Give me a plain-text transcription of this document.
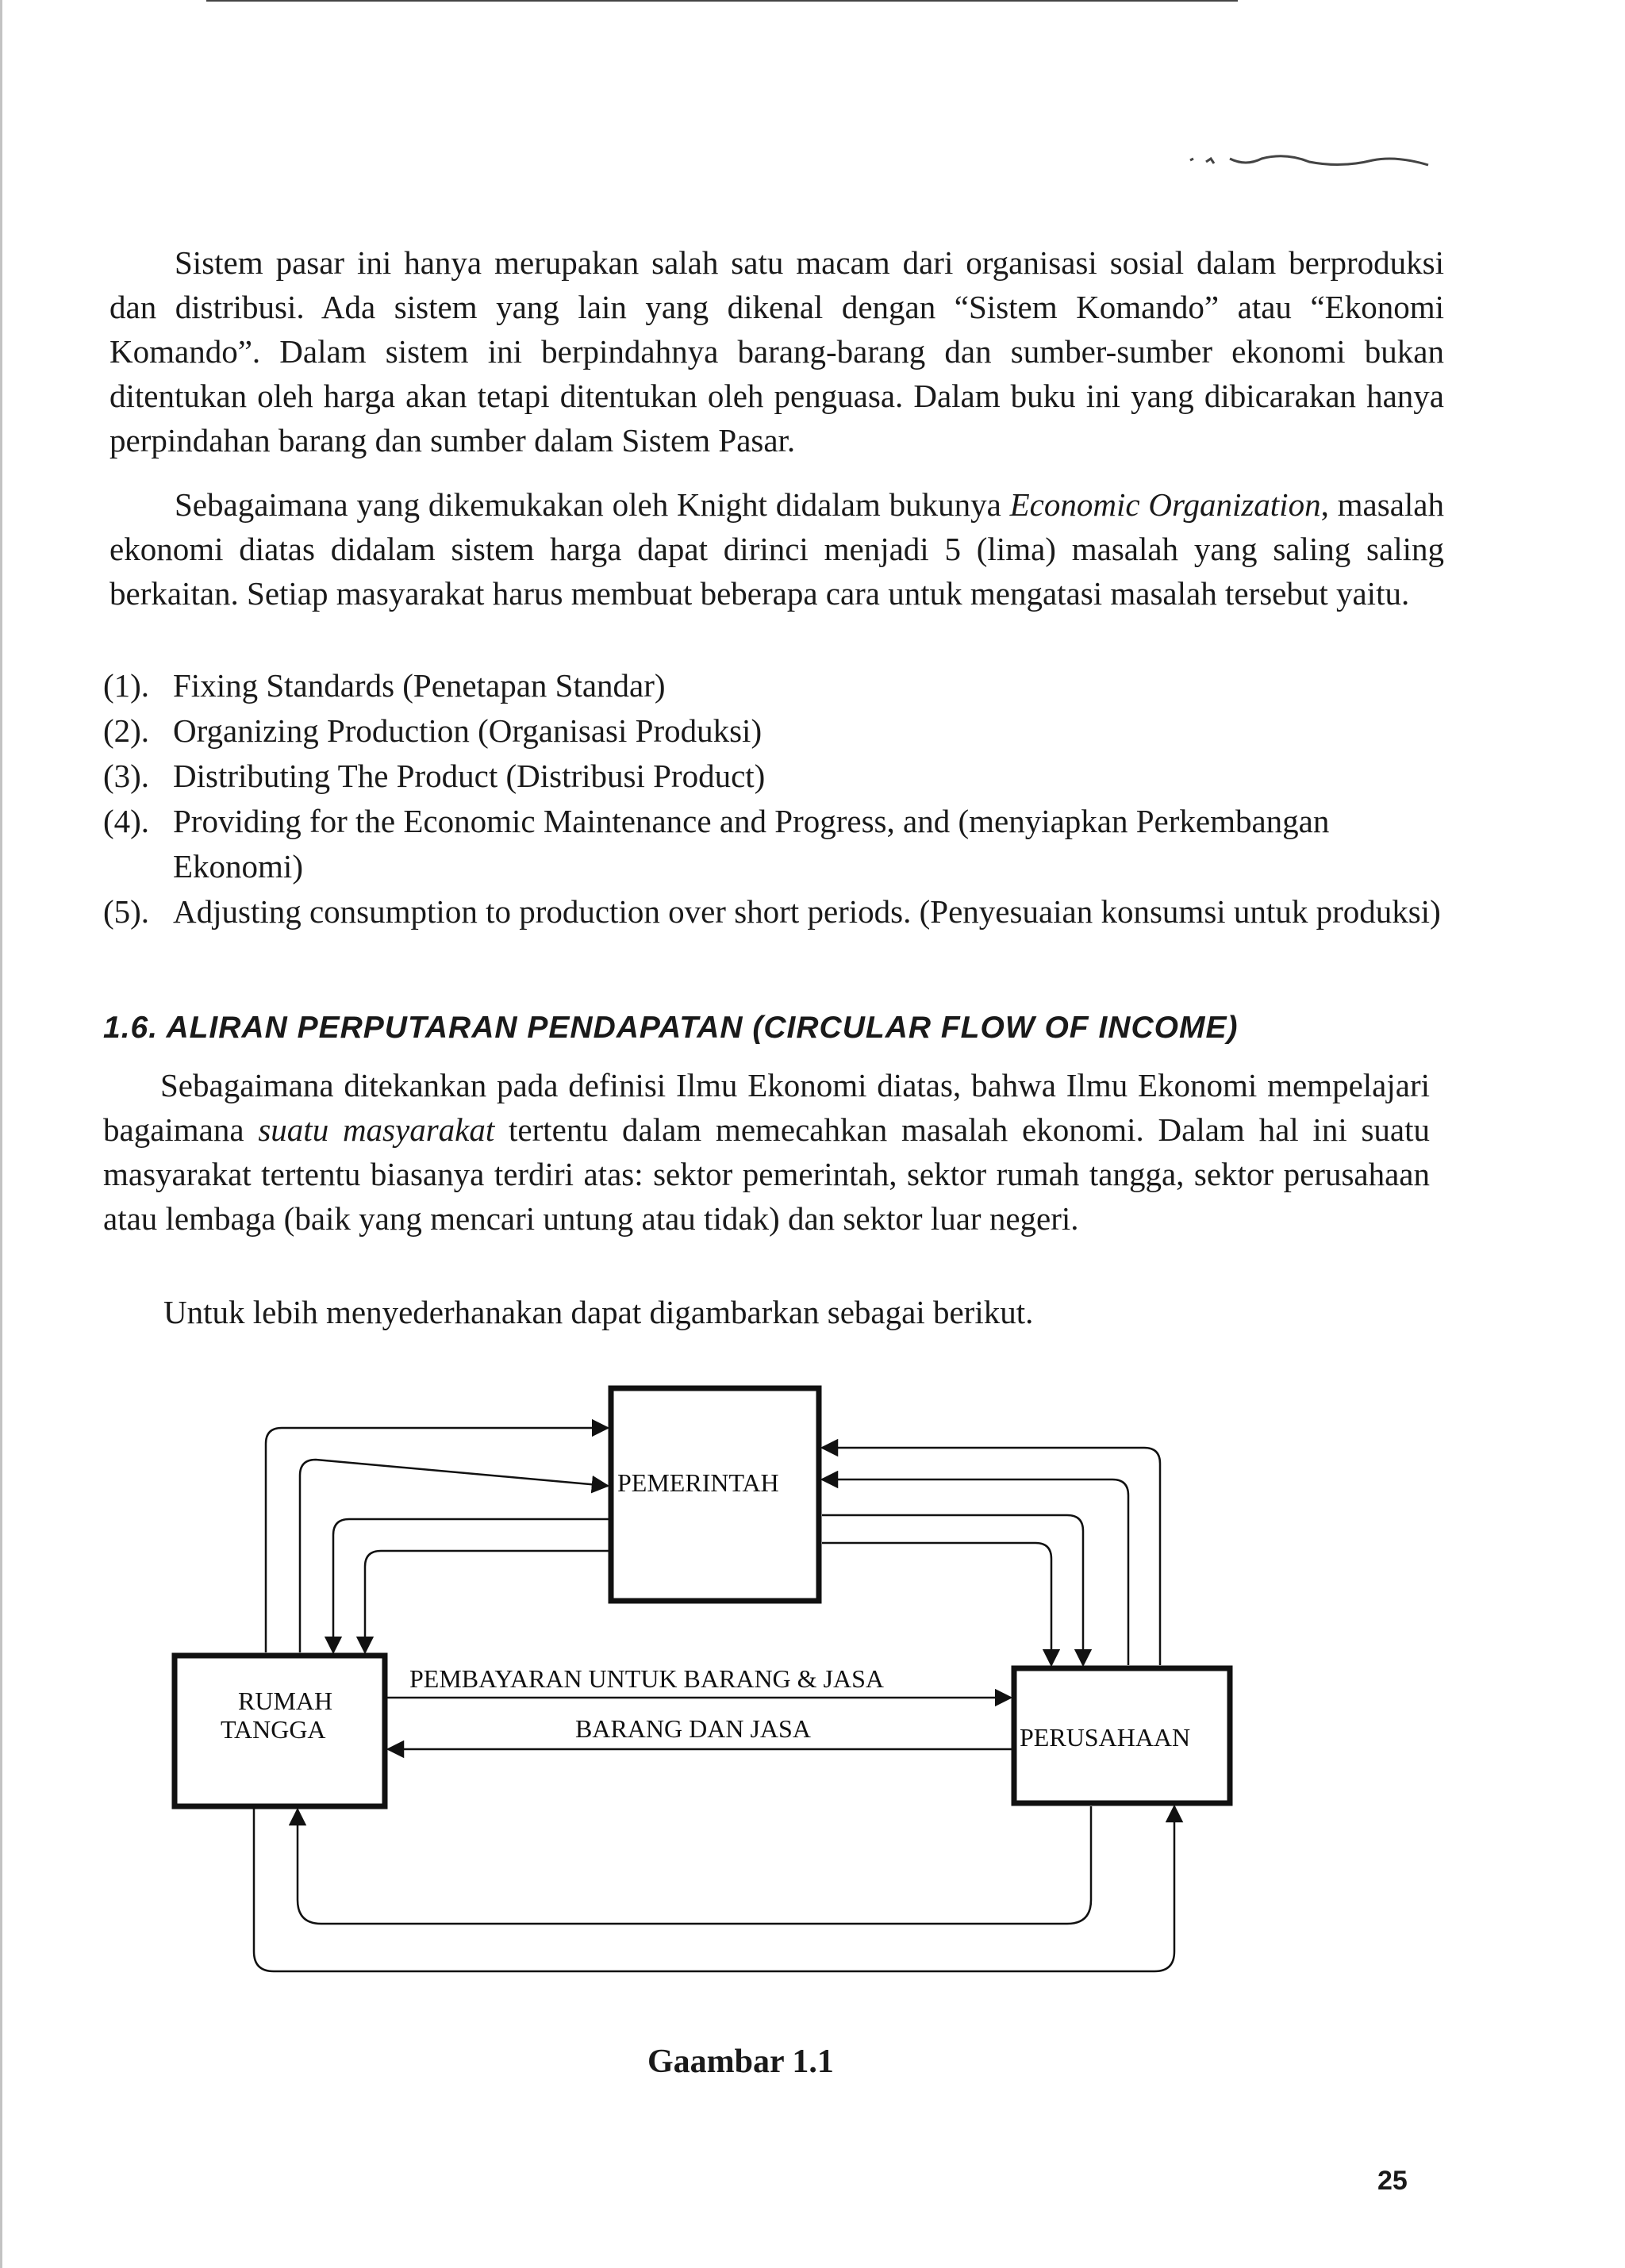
Sistem pasar ini hanya merupakan salah satu macam dari organisasi sosial dalam berproduksi dan distribusi. Ada sistem yang lain yang dikenal dengan “Sistem Komando” atau “Ekonomi Komando”. Dalam sistem ini berpindahnya barang-barang dan sumber-sumber ekonomi bukan ditentukan oleh harga akan tetapi ditentukan oleh penguasa. Dalam buku ini yang dibicarakan hanya perpindahan barang dan sumber dalam Sistem Pasar.
Sebagaimana yang dikemukakan oleh Knight didalam bukunya Economic Organization, masalah ekonomi diatas didalam sistem harga dapat dirinci menjadi 5 (lima) masalah yang saling saling berkaitan. Setiap masyarakat harus membuat beberapa cara untuk mengatasi masalah tersebut yaitu.
(1). Fixing Standards (Penetapan Standar)
(2). Organizing Production (Organisasi Produksi)
(3). Distributing The Product (Distribusi Product)
(4). Providing for the Economic Maintenance and Progress, and (menyiapkan Perkembangan Ekonomi)
(5). Adjusting consumption to production over short periods. (Penyesuaian konsumsi untuk produksi)
1.6. ALIRAN PERPUTARAN PENDAPATAN (CIRCULAR FLOW OF INCOME)
Sebagaimana ditekankan pada definisi Ilmu Ekonomi diatas, bahwa Ilmu Ekonomi mempelajari bagaimana suatu masyarakat tertentu dalam memecahkan masalah ekonomi. Dalam hal ini suatu masyarakat tertentu biasanya terdiri atas: sektor pemerintah, sektor rumah tangga, sektor perusahaan atau lembaga (baik yang mencari untung atau tidak) dan sektor luar negeri.
Untuk lebih menyederhanakan dapat digambarkan sebagai berikut.
PEMERINTAH
RUMAH
TANGGA	PERUSAHAAN
PEMBAYARAN UNTUK BARANG & JASA
BARANG DAN JASA
Gaambar 1.1
25
